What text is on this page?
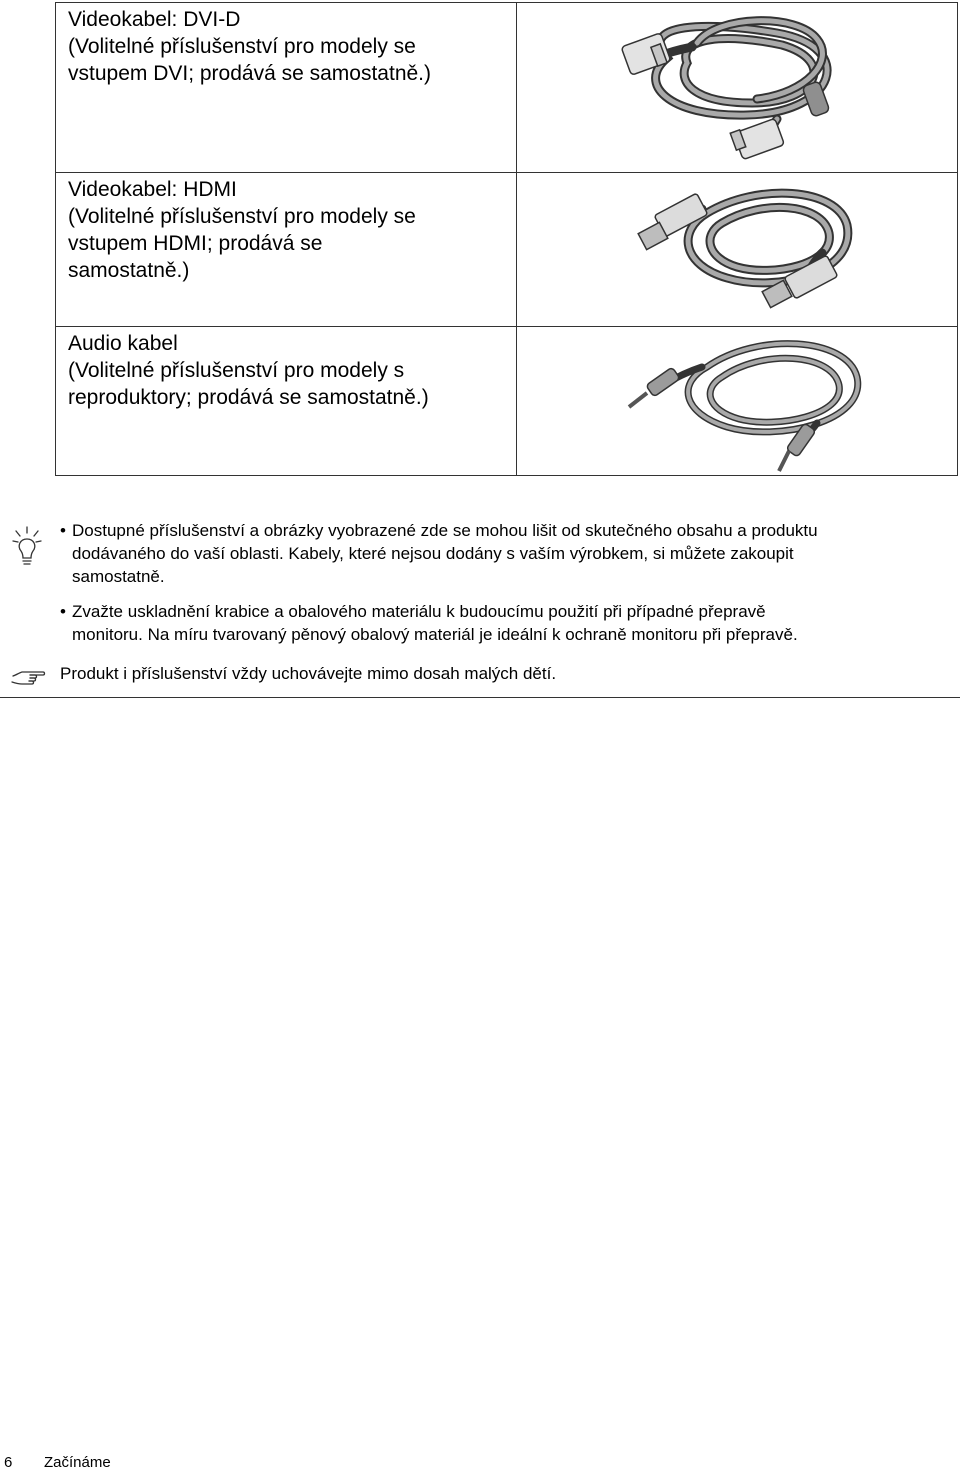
Videokabel: DVI-D
(Volitelné příslušenství pro modely se
vstupem DVI; prodává se samostatně.)

Videokabel: HDMI
(Volitelné příslušenství pro modely se
vstupem HDMI; prodává se
samostatně.)

Audio kabel
(Volitelné příslušenství pro modely s
reproduktory; prodává se samostatně.)

• Dostupné příslušenství a obrázky vyobrazené zde se mohou lišit od skutečného obsahu a produktu
dodávaného do vaší oblasti. Kabely, které nejsou dodány s vaším výrobkem, si můžete zakoupit
samostatně.
• Zvažte uskladnění krabice a obalového materiálu k budoucímu použití při případné přepravě
monitoru. Na míru tvarovaný pěnový obalový materiál je ideální k ochraně monitoru při přepravě.
Produkt i příslušenství vždy uchovávejte mimo dosah malých dětí.
6 Začínáme
